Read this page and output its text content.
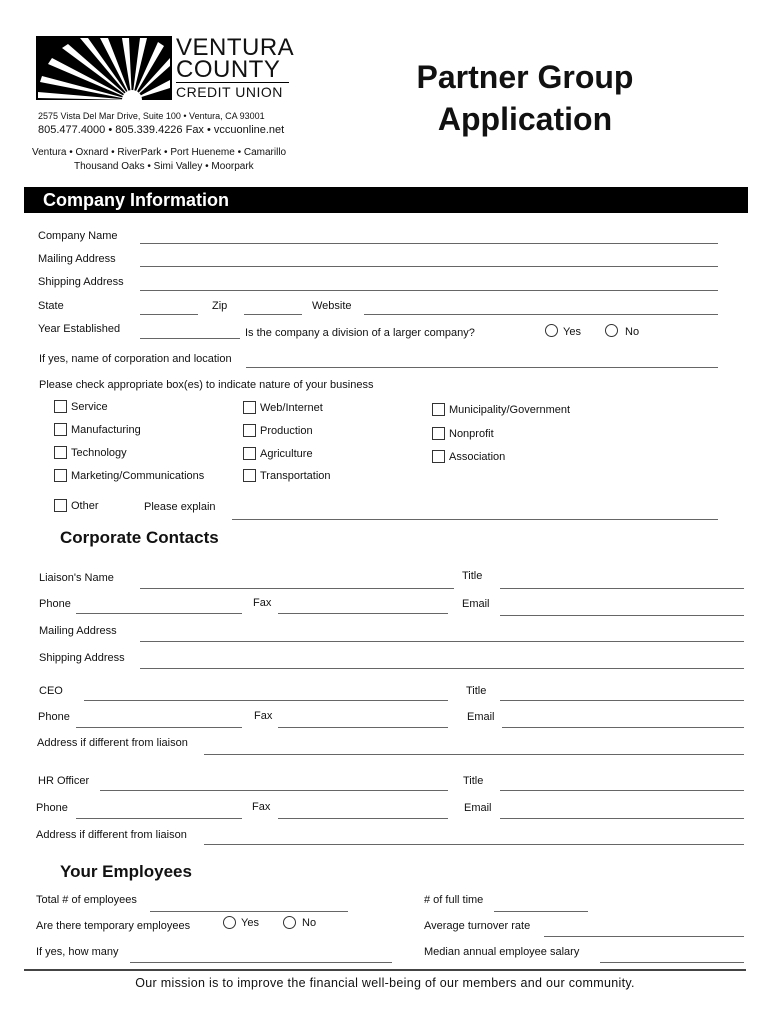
VENTURA
COUNTY
CREDIT UNION
2575 Vista Del Mar Drive, Suite 100 • Ventura, CA 93001
805.477.4000 • 805.339.4226 Fax • vccuonline.net
Ventura • Oxnard • RiverPark • Port Hueneme • Camarillo
Thousand Oaks • Simi Valley • Moorpark
Partner Group
Application
Company Information
Company Name
Mailing Address
Shipping Address
State	Zip	Website
Year Established	Is the company a division of a larger company?	Yes	No
If yes, name of corporation and location
Please check appropriate box(es) to indicate nature of your business
Service
Manufacturing
Technology
Marketing/Communications
Web/Internet
Production
Agriculture
Transportation
Municipality/Government
Nonprofit
Association
Other	Please explain
Corporate Contacts
Liaison's Name	Title
Phone	Fax	Email
Mailing Address
Shipping Address
CEO	Title
Phone	Fax	Email
Address if different from liaison
HR Officer	Title
Phone	Fax	Email
Address if different from liaison
Your Employees
Total # of employees	# of full time
Are there temporary employees	Yes	No	Average turnover rate
If yes, how many	Median annual employee salary
Our mission is to improve the financial well-being of our members and our community.
